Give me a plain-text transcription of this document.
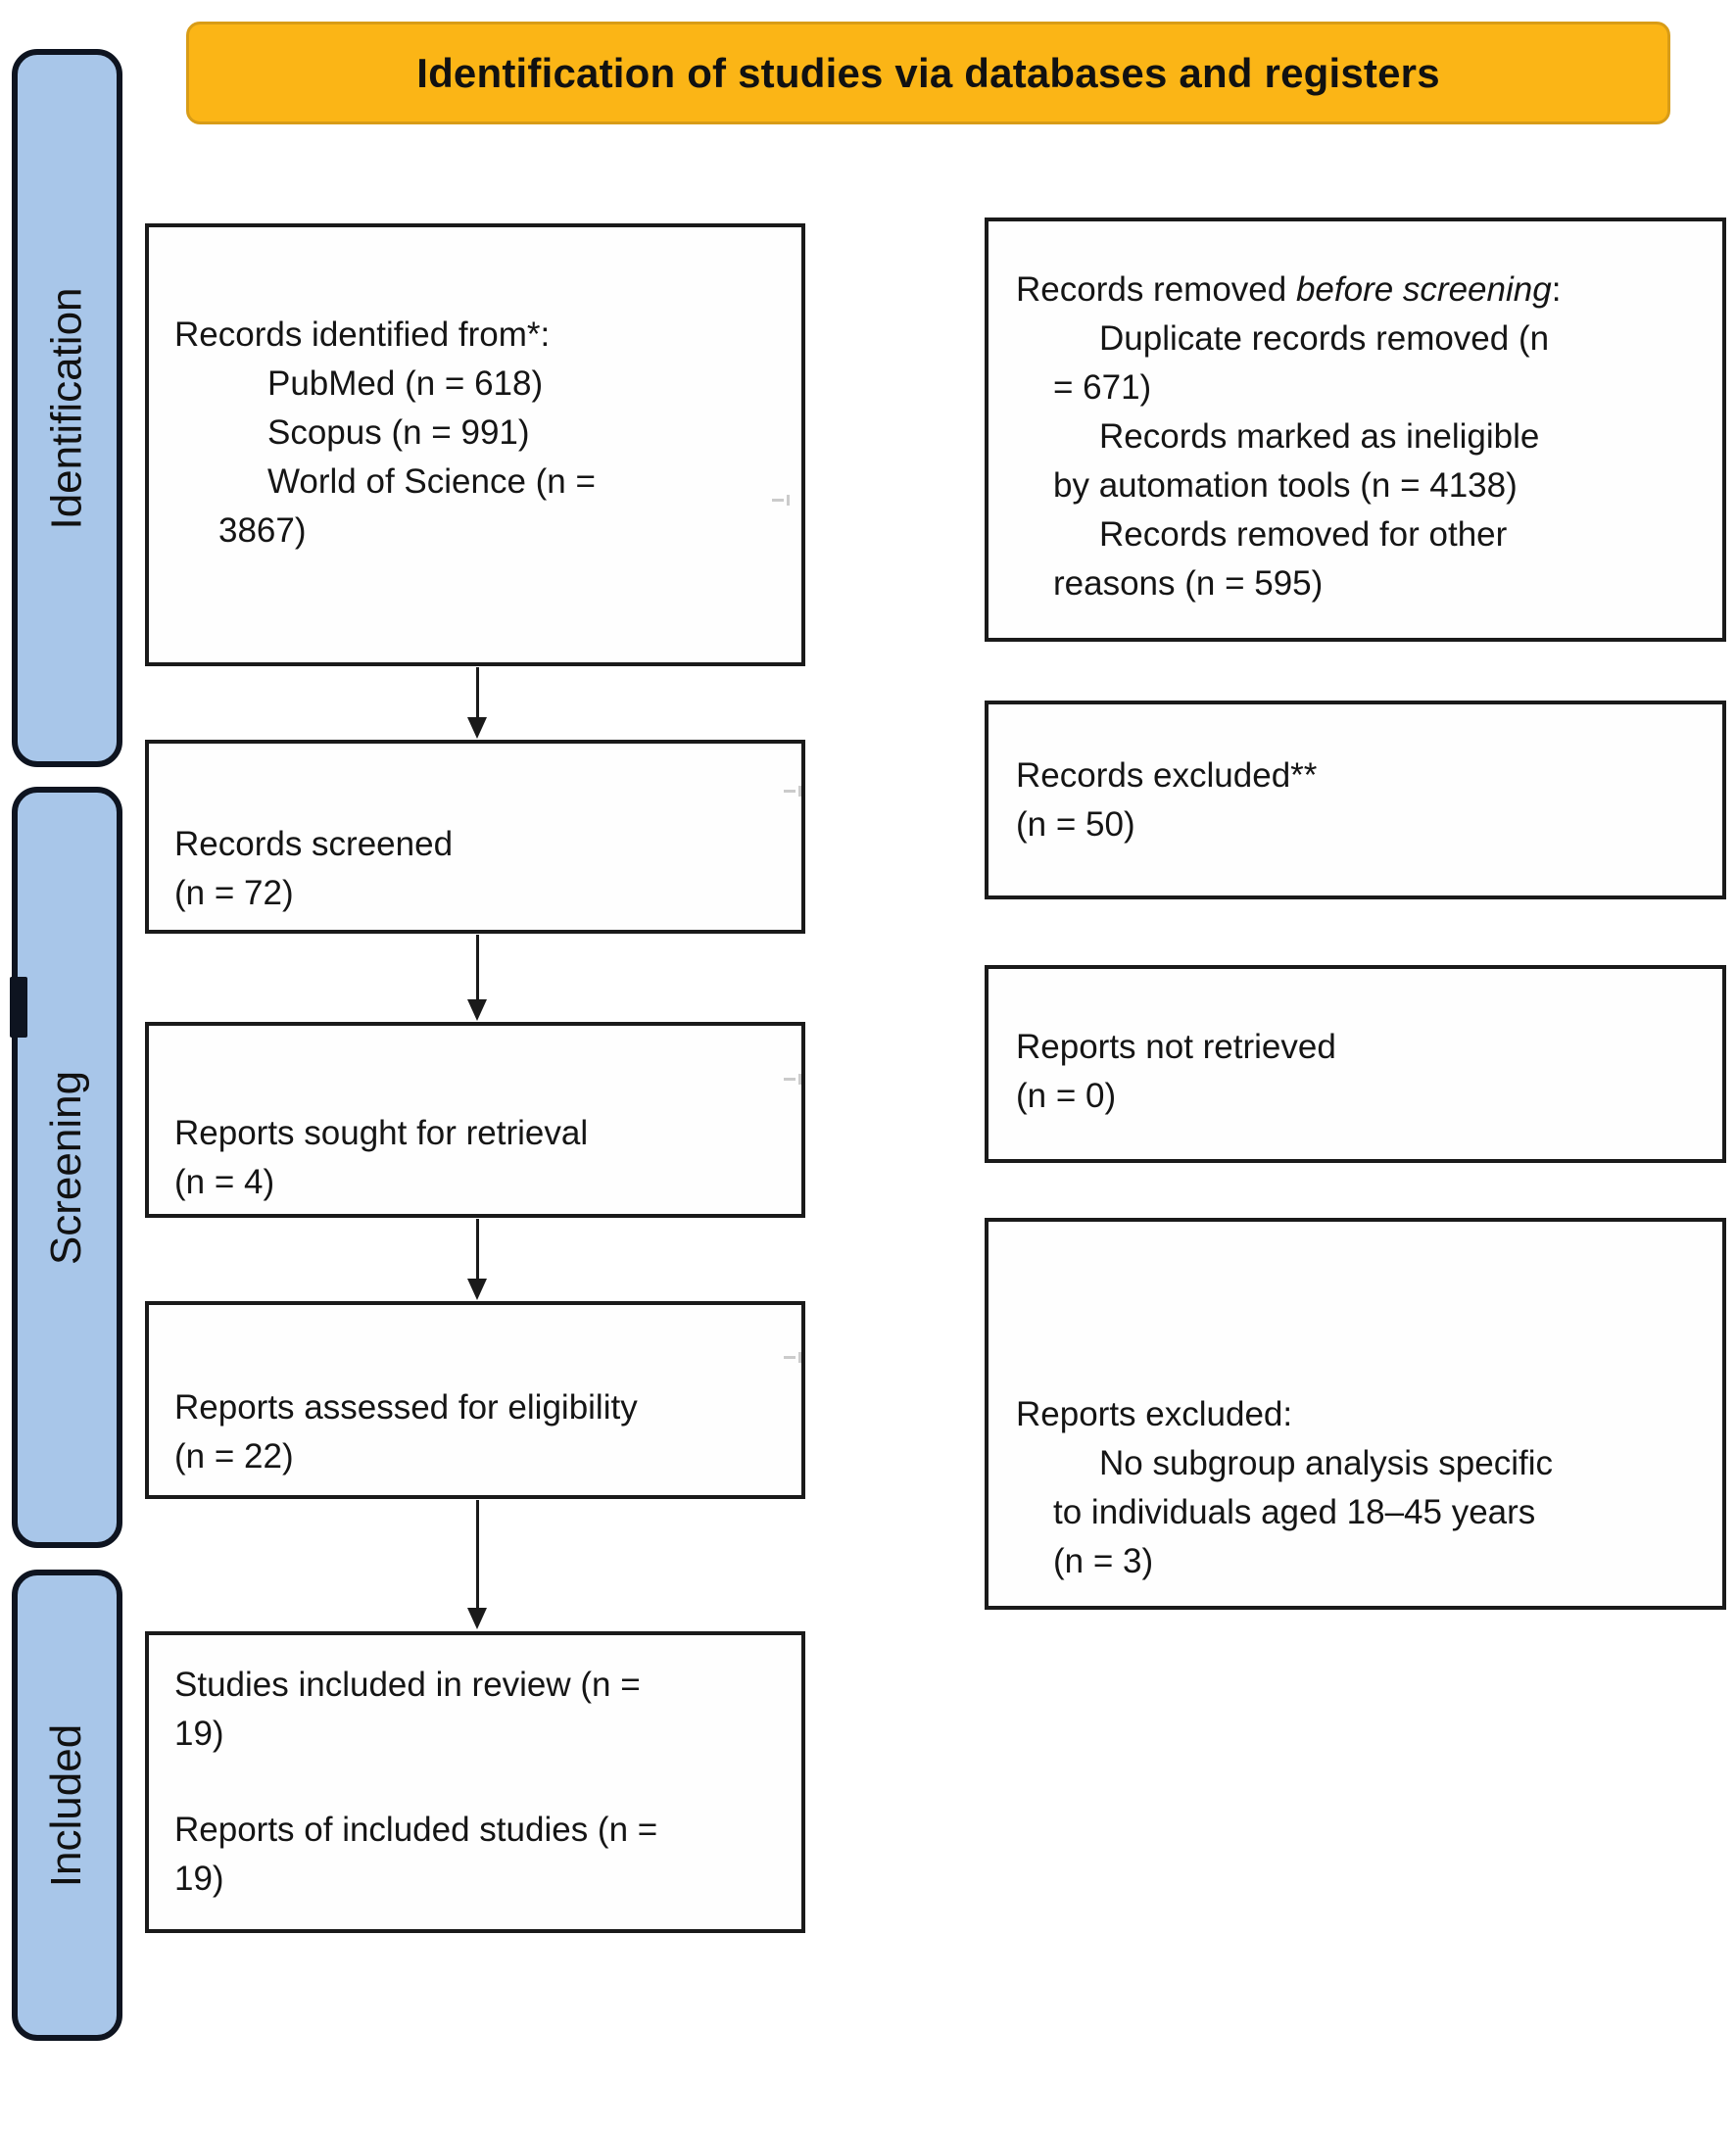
Identification of studies via databases and registers
Identification
Screening
Included
Records identified from*:
PubMed (n = 618)
Scopus (n = 991)
World of Science (n =
3867)
Records screened
(n = 72)
Reports sought for retrieval
(n = 4)
Reports assessed for eligibility
(n = 22)
Studies included in review (n =
19)
Reports of included studies (n =
19)
Records removed before screening:
Duplicate records removed (n
= 671)
Records marked as ineligible
by automation tools (n = 4138)
Records removed for other
reasons (n = 595)
Records excluded**
(n = 50)
Reports not retrieved
(n = 0)
Reports excluded:
No subgroup analysis specific
to individuals aged 18–45 years
(n = 3)
